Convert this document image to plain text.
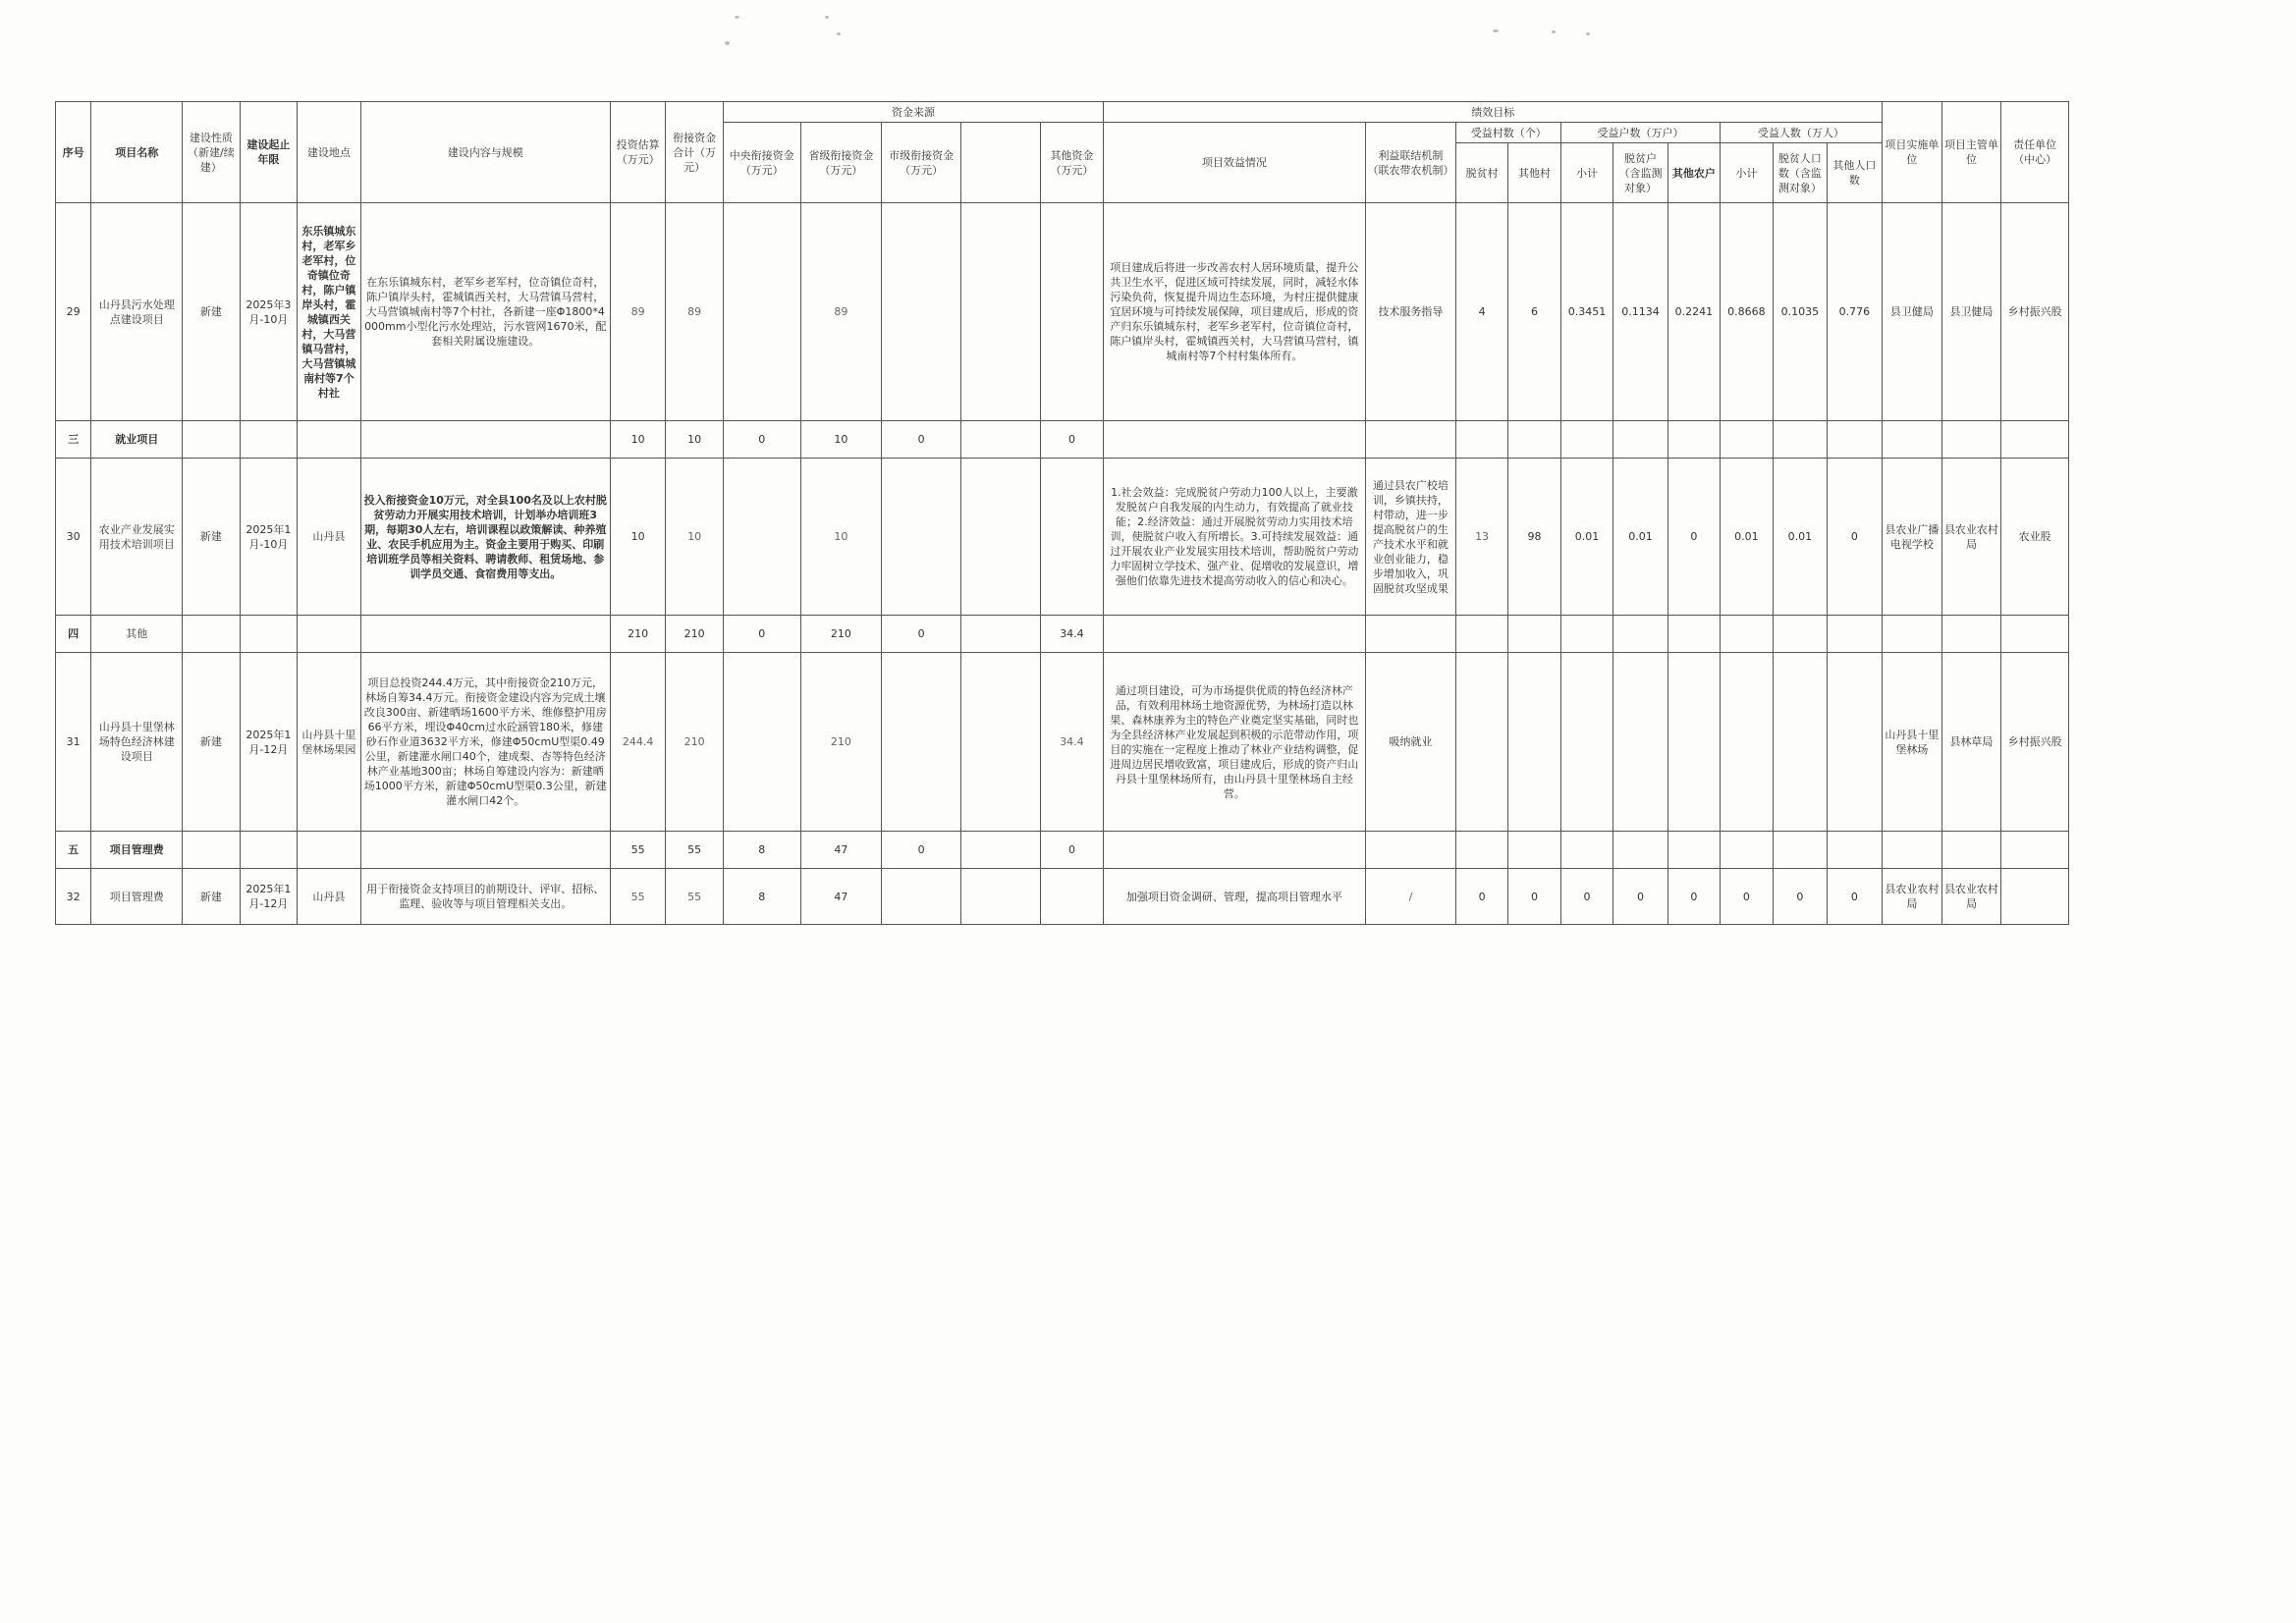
序号	项目名称	建设性质（新建/续建）	建设起止年限	建设地点	建设内容与规模	投资估算（万元）	衔接资金合计（万元）	资金来源					绩效目标										项目实施单位	项目主管单位	责任单位（中心）
								中央衔接资金（万元）	省级衔接资金（万元）	市级衔接资金（万元）		其他资金（万元）	项目效益情况	利益联结机制（联农带农机制）	受益村数（个）		受益户数（万户）			受益人数（万人）					
															脱贫村	其他村	小计	脱贫户（含监测对象）	其他农户	小计	脱贫人口数（含监测对象）	其他人口数			
29	山丹县污水处理点建设项目	新建	2025年3月-10月	东乐镇城东村，老军乡老军村，位奇镇位奇村，陈户镇岸头村，霍城镇西关村，大马营镇马营村，大马营镇城南村等7个村社	在东乐镇城东村，老军乡老军村，位奇镇位奇村，陈户镇岸头村，霍城镇西关村，大马营镇马营村，大马营镇城南村等7个村社，各新建一座Φ1800*4000mm小型化污水处理站，污水管网1670米，配套相关附属设施建设。	89	89		89				项目建成后将进一步改善农村人居环境质量，提升公共卫生水平，促进区域可持续发展，同时，减轻水体污染负荷，恢复提升周边生态环境，为村庄提供健康宜居环境与可持续发展保障，项目建成后，形成的资产归东乐镇城东村，老军乡老军村，位奇镇位奇村，陈户镇岸头村，霍城镇西关村，大马营镇马营村，镇城南村等7个村村集体所有。	技术服务指导	4	6	0.3451	0.1134	0.2241	0.8668	0.1035	0.776	县卫健局	县卫健局	乡村振兴股
三	就业项目					10	10	0	10	0		0													
30	农业产业发展实用技术培训项目	新建	2025年1月-10月	山丹县	投入衔接资金10万元，对全县100名及以上农村脱贫劳动力开展实用技术培训，计划举办培训班3期，每期30人左右，培训课程以政策解读、种养殖业、农民手机应用为主。资金主要用于购买、印刷培训班学员等相关资料、聘请教师、租赁场地、参训学员交通、食宿费用等支出。	10	10		10				1.社会效益：完成脱贫户劳动力100人以上，主要激发脱贫户自我发展的内生动力，有效提高了就业技能；2.经济效益：通过开展脱贫劳动力实用技术培训，使脱贫户收入有所增长。3.可持续发展效益：通过开展农业产业发展实用技术培训，帮助脱贫户劳动力牢固树立学技术、强产业、促增收的发展意识，增强他们依靠先进技术提高劳动收入的信心和决心。	通过县农广校培训，乡镇扶持，村带动，进一步提高脱贫户的生产技术水平和就业创业能力，稳步增加收入，巩固脱贫攻坚成果	13	98	0.01	0.01	0	0.01	0.01	0	县农业广播电视学校	县农业农村局	农业股
四	其他					210	210	0	210	0		34.4													
31	山丹县十里堡林场特色经济林建设项目	新建	2025年1月-12月	山丹县十里堡林场果园	项目总投资244.4万元，其中衔接资金210万元，林场自筹34.4万元。衔接资金建设内容为完成土壤改良300亩、新建晒场1600平方米、维修整护用房66平方米，埋设Φ40cm过水砼涵管180米，修建砂石作业道3632平方米，修建Φ50cmU型渠0.49公里，新建灌水闸口40个，建成梨、杏等特色经济林产业基地300亩；林场自筹建设内容为：新建晒场1000平方米，新建Φ50cmU型渠0.3公里，新建灌水闸口42个。	244.4	210		210			34.4	通过项目建设，可为市场提供优质的特色经济林产品，有效利用林场土地资源优势，为林场打造以林果、森林康养为主的特色产业奠定坚实基础，同时也为全县经济林产业发展起到积极的示范带动作用，项目的实施在一定程度上推动了林业产业结构调整，促进周边居民增收致富，项目建成后，形成的资产归山丹县十里堡林场所有，由山丹县十里堡林场自主经营。	吸纳就业									山丹县十里堡林场	县林草局	乡村振兴股
五	项目管理费					55	55	8	47	0		0													
32	项目管理费	新建	2025年1月-12月	山丹县	用于衔接资金支持项目的前期设计、评审、招标、监理、验收等与项目管理相关支出。	55	55	8	47				加强项目资金调研、管理，提高项目管理水平	/	0	0	0	0	0	0	0	0	县农业农村局	县农业农村局	
